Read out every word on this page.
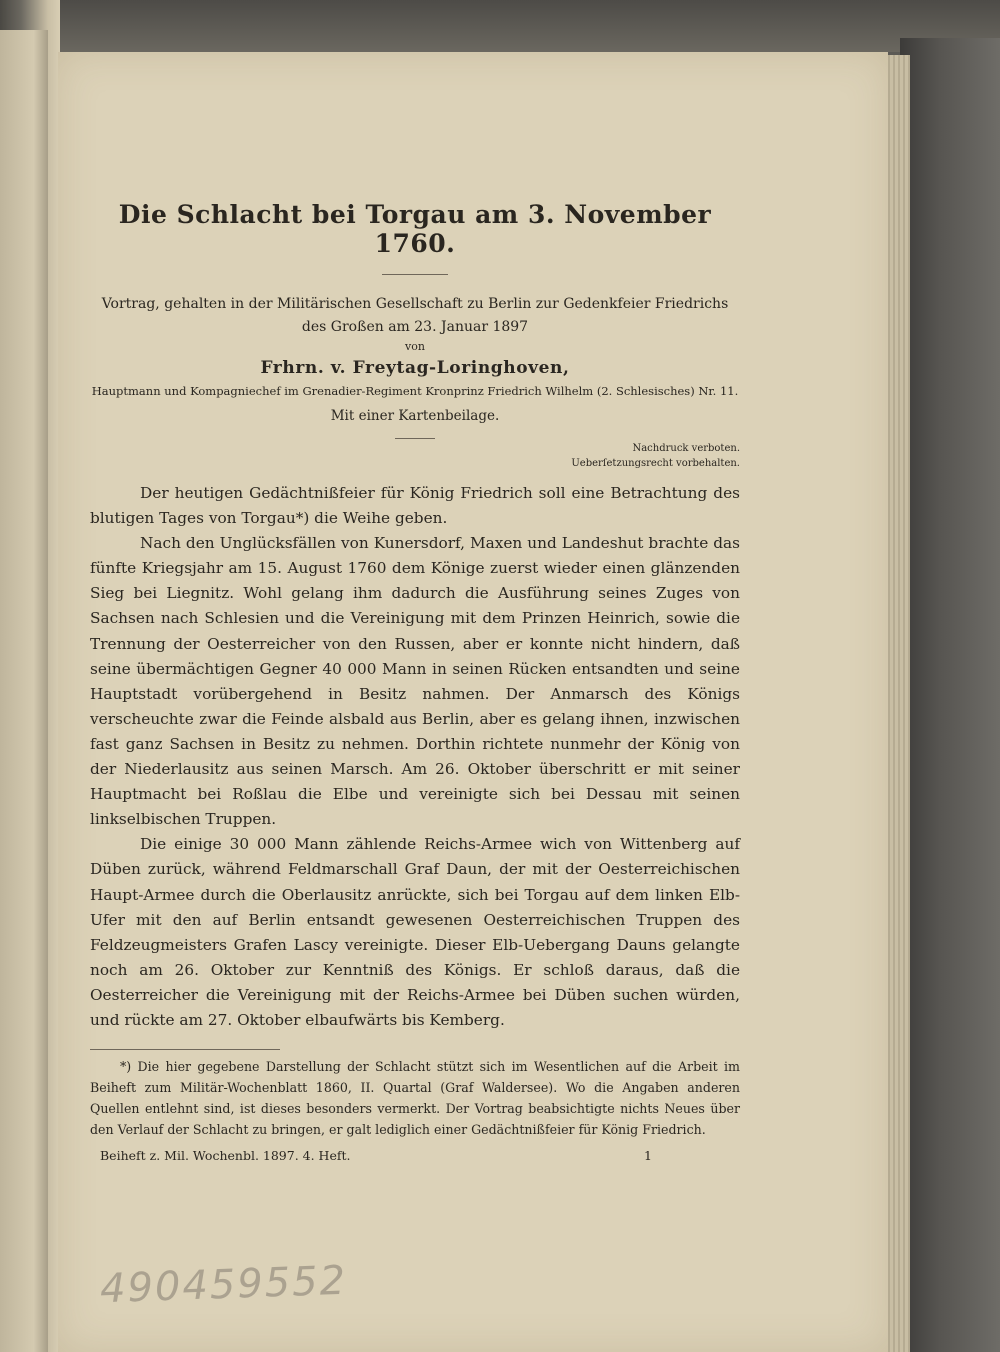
Die Schlacht bei Torgau am 3. November 1760.
Vortrag, gehalten in der Militärischen Gesellschaft zu Berlin zur Gedenkfeier Friedrichs
des Großen am 23. Januar 1897
von
Frhrn. v. Freytag-Loringhoven,
Hauptmann und Kompagniechef im Grenadier-Regiment Kronprinz Friedrich Wilhelm (2. Schlesisches) Nr. 11.
Mit einer Kartenbeilage.
Nachdruck verboten.
Ueberſetzungsrecht vorbehalten.

Der heutigen Gedächtnißfeier für König Friedrich soll eine Betrachtung des blutigen Tages von Torgau*) die Weihe geben.

Nach den Unglücksfällen von Kunersdorf, Maxen und Landeshut brachte das fünfte Kriegsjahr am 15. August 1760 dem Könige zuerst wieder einen glänzenden Sieg bei Liegnitz. Wohl gelang ihm dadurch die Ausführung seines Zuges von Sachsen nach Schlesien und die Vereinigung mit dem Prinzen Heinrich, sowie die Trennung der Oesterreicher von den Russen, aber er konnte nicht hindern, daß seine übermächtigen Gegner 40 000 Mann in seinen Rücken entsandten und seine Hauptstadt vorübergehend in Besitz nahmen. Der Anmarsch des Königs verscheuchte zwar die Feinde alsbald aus Berlin, aber es gelang ihnen, inzwischen fast ganz Sachsen in Besitz zu nehmen. Dorthin richtete nunmehr der König von der Niederlausitz aus seinen Marsch. Am 26. Oktober überschritt er mit seiner Hauptmacht bei Roßlau die Elbe und vereinigte sich bei Dessau mit seinen linkselbischen Truppen.

Die einige 30 000 Mann zählende Reichs-Armee wich von Wittenberg auf Düben zurück, während Feldmarschall Graf Daun, der mit der Oesterreichischen Haupt-Armee durch die Oberlausitz anrückte, sich bei Torgau auf dem linken Elb-Ufer mit den auf Berlin entsandt gewesenen Oesterreichischen Truppen des Feldzeugmeisters Grafen Lascy vereinigte. Dieser Elb-Uebergang Dauns gelangte noch am 26. Oktober zur Kenntniß des Königs. Er schloß daraus, daß die Oesterreicher die Vereinigung mit der Reichs-Armee bei Düben suchen würden, und rückte am 27. Oktober elbaufwärts bis Kemberg.

*) Die hier gegebene Darstellung der Schlacht stützt sich im Wesentlichen auf die Arbeit im Beiheft zum Militär-Wochenblatt 1860, II. Quartal (Graf Waldersee). Wo die Angaben anderen Quellen entlehnt sind, ist dieses besonders vermerkt. Der Vortrag beabsichtigte nichts Neues über den Verlauf der Schlacht zu bringen, er galt lediglich einer Gedächtnißfeier für König Friedrich.
Beiheft z. Mil. Wochenbl. 1897. 4. Heft.	1
490459552
